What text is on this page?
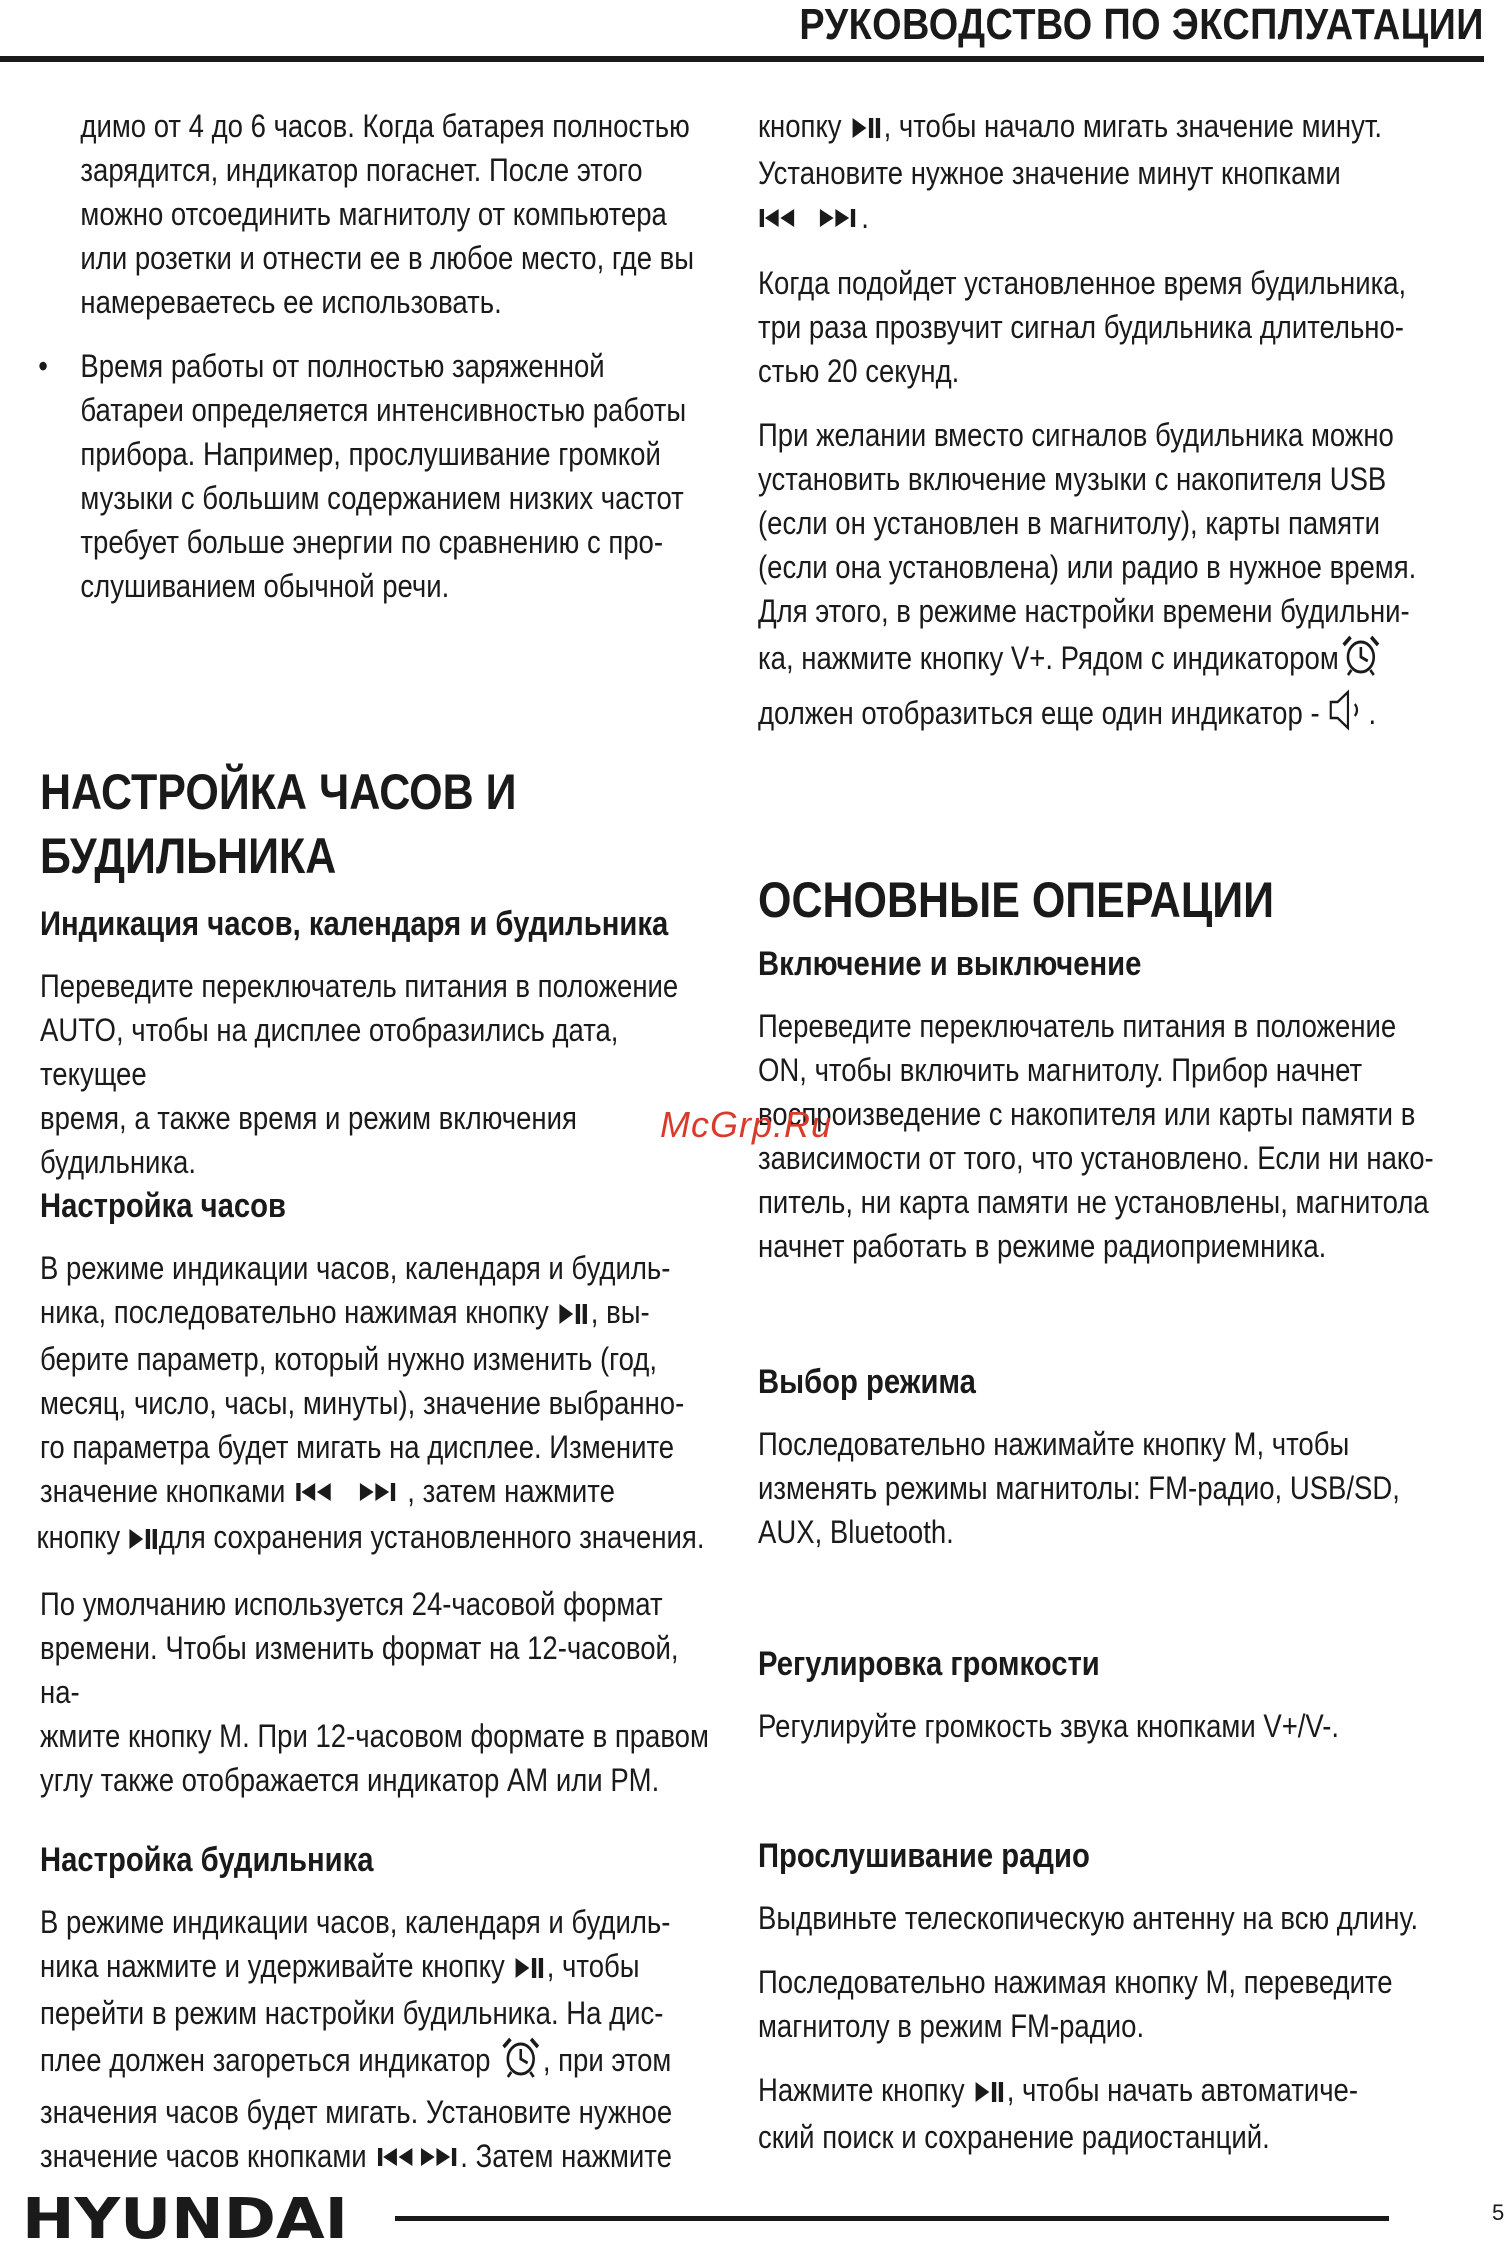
РУКОВОДСТВО ПО ЭКСПЛУАТАЦИИ

димо от 4 до 6 часов. Когда батарея полностью

зарядится, индикатор погаснет. После этого

можно отсоединить магнитолу от компьютера

или розетки и отнести ее в любое место, где вы

намереваетесь ее использовать.

• Время работы от полностью заряженной

батареи определяется интенсивностью работы

прибора. Например, прослушивание громкой

музыки с большим содержанием низких частот

требует больше энергии по сравнению с про-

слушиванием обычной речи.

НАСТРОЙКА ЧАСОВ И

БУДИЛЬНИКА

Индикация часов, календаря и будильника

Переведите переключатель питания в положение

AUTO, чтобы на дисплее отобразились дата, текущее

время, а также время и режим включения будильника.

Настройка часов

В режиме индикации часов, календаря и будиль-

ника, последовательно нажимая кнопку , вы-

берите параметр, который нужно изменить (год,

месяц, число, часы, минуты), значение выбранно-

го параметра будет мигать на дисплее. Измените

значение кнопками	, затем нажмите

кнопку для сохранения установленного значения.

По умолчанию используется 24-часовой формат

времени. Чтобы изменить формат на 12-часовой, на-

жмите кнопку М. При 12-часовом формате в правом

углу также отображается индикатор AM или PM.

Настройка будильника

В режиме индикации часов, календаря и будиль-

ника нажмите и удерживайте кнопку , чтобы

перейти в режим настройки будильника. На дис-

плее должен загореться индикатор , при этом

значения часов будет мигать. Установите нужное

значение часов кнопками	. Затем нажмите

кнопку , чтобы начало мигать значение минут.

Установите нужное значение минут кнопками

.

Когда подойдет установленное время будильника,

три раза прозвучит сигнал будильника длительно-

стью 20 секунд.

При желании вместо сигналов будильника можно

установить включение музыки с накопителя USB

(если он установлен в магнитолу), карты памяти

(если она установлена) или радио в нужное время.

Для этого, в режиме настройки времени будильни-

ка, нажмите кнопку V+. Рядом с индикатором

должен отобразиться еще один индикатор - .

ОСНОВНЫЕ ОПЕРАЦИИ

Включение и выключение

Переведите переключатель питания в положение

ON, чтобы включить магнитолу. Прибор начнет

воспроизведение с накопителя или карты памяти в

зависимости от того, что установлено. Если ни нако-

питель, ни карта памяти не установлены, магнитола

начнет работать в режиме радиоприемника.

Выбор режима

Последовательно нажимайте кнопку М, чтобы

изменять режимы магнитолы: FM-радио, USB/SD,

AUX, Bluetooth.

Регулировка громкости

Регулируйте громкость звука кнопками V+/V-.

Прослушивание радио

Выдвиньте телескопическую антенну на всю длину.

Последовательно нажимая кнопку М, переведите

магнитолу в режим FM-радио.

Нажмите кнопку , чтобы начать автоматиче-

ский поиск и сохранение радиостанций.

McGrp.Ru
HYUNDAI	5
